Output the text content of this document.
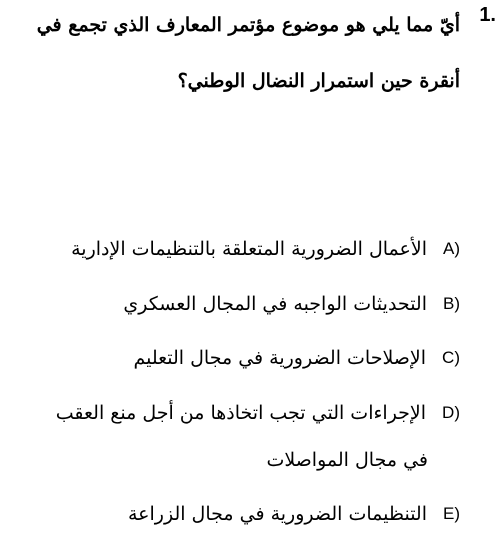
1.
أيّ مما يلي هو موضوع مؤتمر المعارف الذي تجمع في
أنقرة حين استمرار النضال الوطني؟
الأعمال الضرورية المتعلقة بالتنظيمات الإدارية A)
التحديثات الواجبه في المجال العسكري B)
الإصلاحات الضرورية في مجال التعليم C)
الإجراءات التي تجب اتخاذها من أجل منع العقب D)
في مجال المواصلات
التنظيمات الضرورية في مجال الزراعة E)
